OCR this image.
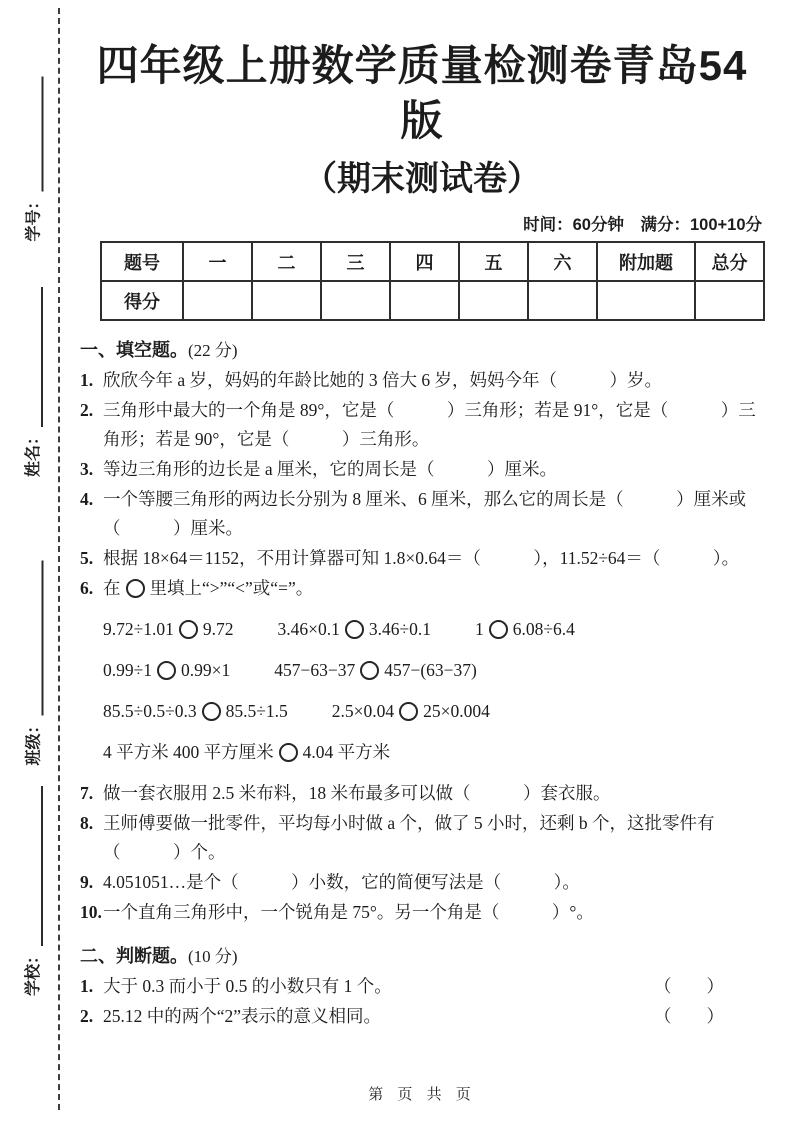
学号：
姓名：
班级：
学校：
四年级上册数学质量检测卷青岛54版
（期末测试卷）
时间：60分钟　满分：100+10分
题号	一	二	三	四	五	六	附加题	总分
得分								
一、填空题。(22 分)
1. 欣欣今年 a 岁，妈妈的年龄比她的 3 倍大 6 岁，妈妈今年（　　　）岁。
2. 三角形中最大的一个角是 89°，它是（　　　）三角形；若是 91°，它是（　　　）三角形；若是 90°，它是（　　　）三角形。
3. 等边三角形的边长是 a 厘米，它的周长是（　　　）厘米。
4. 一个等腰三角形的两边长分别为 8 厘米、6 厘米，那么它的周长是（　　　）厘米或（　　　）厘米。
5. 根据 18×64＝1152，不用计算器可知 1.8×0.64＝（　　　），11.52÷64＝（　　　）。
6. 在 里填上“>”“<”或“=”。
9.72÷1.01 9.72	3.46×0.1 3.46÷0.1	1 6.08÷6.4
0.99÷1 0.99×1	457−63−37 457−(63−37)
85.5÷0.5÷0.3 85.5÷1.5	2.5×0.04 25×0.004
4 平方米 400 平方厘米 4.04 平方米
7. 做一套衣服用 2.5 米布料，18 米布最多可以做（　　　）套衣服。
8. 王师傅要做一批零件，平均每小时做 a 个，做了 5 小时，还剩 b 个，这批零件有（　　　）个。
9. 4.051051…是个（　　　）小数，它的简便写法是（　　　）。
10. 一个直角三角形中，一个锐角是 75°。另一个角是（　　　）°。
二、判断题。(10 分)
1. 大于 0.3 而小于 0.5 的小数只有 1 个。	（　　）
2. 25.12 中的两个“2”表示的意义相同。	（　　）
第 页 共 页
